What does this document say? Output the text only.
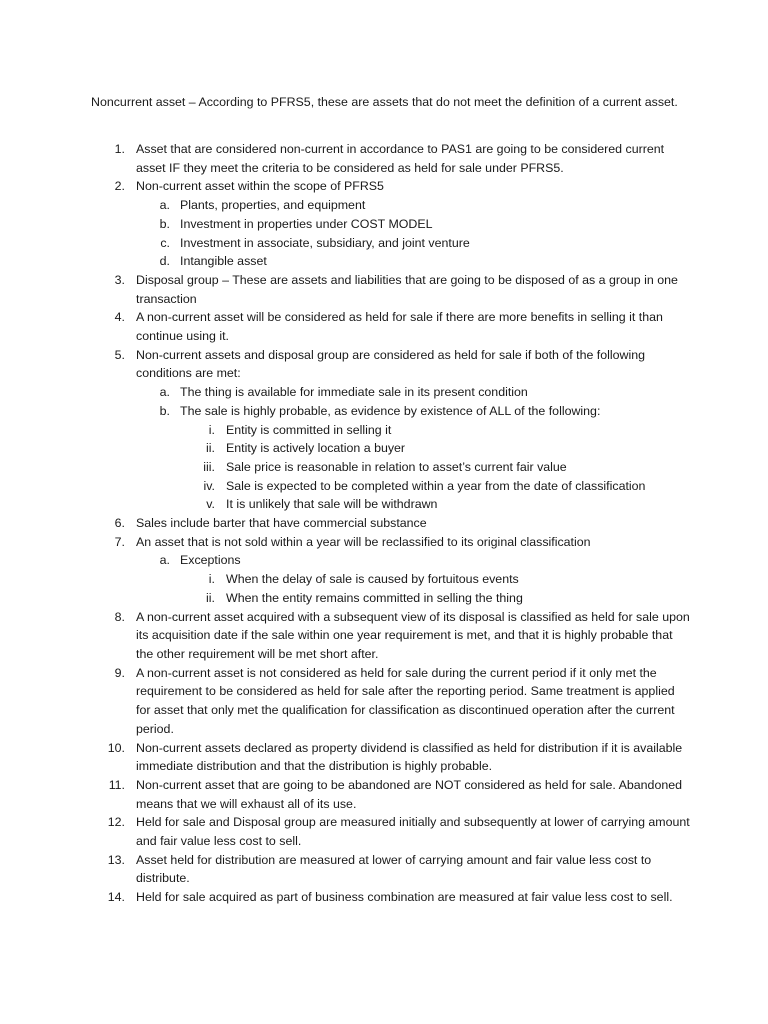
Noncurrent asset – According to PFRS5, these are assets that do not meet the definition of a current asset.
1. Asset that are considered non-current in accordance to PAS1 are going to be considered current asset IF they meet the criteria to be considered as held for sale under PFRS5.
2. Non-current asset within the scope of PFRS5
a. Plants, properties, and equipment
b. Investment in properties under COST MODEL
c. Investment in associate, subsidiary, and joint venture
d. Intangible asset
3. Disposal group – These are assets and liabilities that are going to be disposed of as a group in one transaction
4. A non-current asset will be considered as held for sale if there are more benefits in selling it than continue using it.
5. Non-current assets and disposal group are considered as held for sale if both of the following conditions are met:
a. The thing is available for immediate sale in its present condition
b. The sale is highly probable, as evidence by existence of ALL of the following:
i. Entity is committed in selling it
ii. Entity is actively location a buyer
iii. Sale price is reasonable in relation to asset’s current fair value
iv. Sale is expected to be completed within a year from the date of classification
v. It is unlikely that sale will be withdrawn
6. Sales include barter that have commercial substance
7. An asset that is not sold within a year will be reclassified to its original classification
a. Exceptions
i. When the delay of sale is caused by fortuitous events
ii. When the entity remains committed in selling the thing
8. A non-current asset acquired with a subsequent view of its disposal is classified as held for sale upon its acquisition date if the sale within one year requirement is met, and that it is highly probable that the other requirement will be met short after.
9. A non-current asset is not considered as held for sale during the current period if it only met the requirement to be considered as held for sale after the reporting period. Same treatment is applied for asset that only met the qualification for classification as discontinued operation after the current period.
10. Non-current assets declared as property dividend is classified as held for distribution if it is available immediate distribution and that the distribution is highly probable.
11. Non-current asset that are going to be abandoned are NOT considered as held for sale. Abandoned means that we will exhaust all of its use.
12. Held for sale and Disposal group are measured initially and subsequently at lower of carrying amount and fair value less cost to sell.
13. Asset held for distribution are measured at lower of carrying amount and fair value less cost to distribute.
14. Held for sale acquired as part of business combination are measured at fair value less cost to sell.
